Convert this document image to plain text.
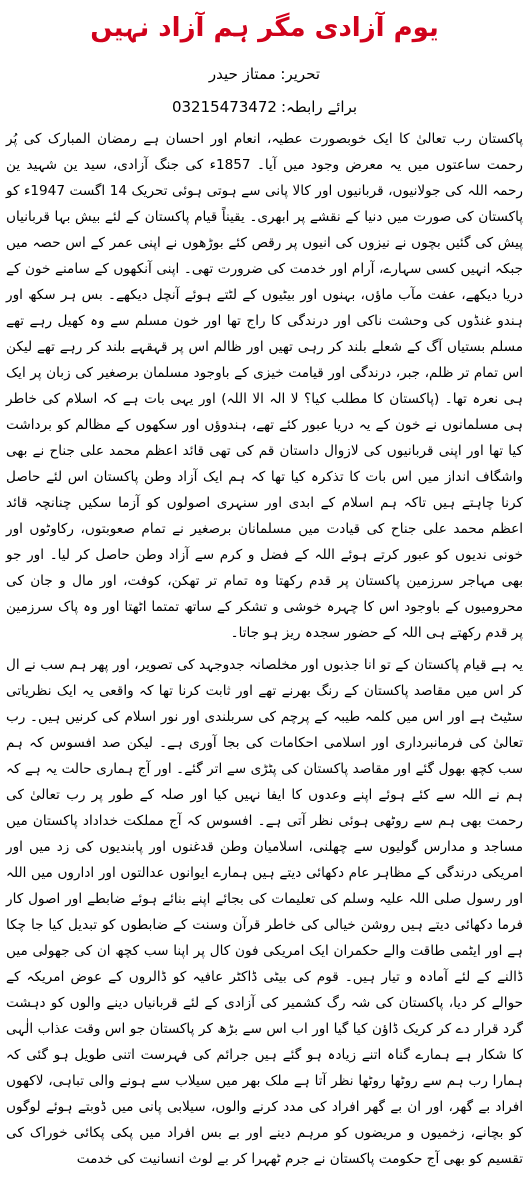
یوم آزادی مگر ہم آزاد نہیں
تحریر: ممتاز حیدر
03215473472 برائے رابطہ:

پاکستان رب تعالیٰ کا ایک خوبصورت عطیہ، انعام اور احسان ہے رمضان المبارک کی پُر رحمت ساعتوں میں یہ معرض وجود میں آیا۔ 1857ء کی جنگ آزادی، سید ین شہید ین رحمہ اللہ کی جولانیوں، قربانیوں اور کالا پانی سے ہوتی ہوئی تحریک 14 اگست 1947ء کو پاکستان کی صورت میں دنیا کے نقشے پر ابھری۔ یقیناً قیام پاکستان کے لئے بیش بہا قربانیاں پیش کی گئیں بچوں نے نیزوں کی انیوں پر رقص کئے بوڑھوں نے اپنی عمر کے اس حصہ میں جبکہ انہیں کسی سہارے، آرام اور خدمت کی ضرورت تھی۔ اپنی آنکھوں کے سامنے خون کے دریا دیکھے، عفت مآب ماؤں، بہنوں اور بیٹیوں کے لٹتے ہوئے آنچل دیکھے۔ بس ہر سکھ اور ہندو غنڈوں کی وحشت ناکی اور درندگی کا راج تھا اور خون مسلم سے وہ کھیل رہے تھے مسلم بستیاں آگ کے شعلے بلند کر رہی تھیں اور ظالم اس پر قہقہے بلند کر رہے تھے لیکن اس تمام تر ظلم، جبر، درندگی اور قیامت خیزی کے باوجود مسلمان برصغیر کی زبان پر ایک ہی نعرہ تھا۔ (پاکستان کا مطلب کیا؟ لا الہ الا اللہ) اور یہی بات ہے کہ اسلام کی خاطر ہی مسلمانوں نے خون کے یہ دریا عبور کئے تھے، ہندوؤں اور سکھوں کے مظالم کو برداشت کیا تھا اور اپنی قربانیوں کی لازوال داستان قم کی تھی قائد اعظم محمد علی جناح نے بھی واشگاف انداز میں اس بات کا تذکرہ کیا تھا کہ ہم ایک آزاد وطن پاکستان اس لئے حاصل کرنا چاہتے ہیں تاکہ ہم اسلام کے ابدی اور سنہری اصولوں کو آزما سکیں چنانچہ قائد اعظم محمد علی جناح کی قیادت میں مسلمانان برصغیر نے تمام صعوبتوں، رکاوٹوں اور خونی ندیوں کو عبور کرتے ہوئے اللہ کے فضل و کرم سے آزاد وطن حاصل کر لیا۔ اور جو بھی مہاجر سرزمین پاکستان پر قدم رکھتا وہ تمام تر تھکن، کوفت، اور مال و جان کی محرومیوں کے باوجود اس کا چہرہ خوشی و تشکر کے ساتھ تمتما اٹھتا اور وہ پاک سرزمین پر قدم رکھتے ہی اللہ کے حضور سجدہ ریز ہو جاتا۔

یہ ہے قیام پاکستان کے تو انا جذبوں اور مخلصانہ جدوجہد کی تصویر، اور پھر ہم سب نے ال کر اس میں مقاصد پاکستان کے رنگ بھرنے تھے اور ثابت کرنا تھا کہ واقعی یہ ایک نظریاتی سٹیٹ ہے اور اس میں کلمہ طیبہ کے پرچم کی سربلندی اور نور اسلام کی کرنیں ہیں۔ رب تعالیٰ کی فرمانبرداری اور اسلامی احکامات کی بجا آوری ہے۔ لیکن صد افسوس کہ ہم سب کچھ بھول گئے اور مقاصد پاکستان کی پٹڑی سے اتر گئے۔ اور آج ہماری حالت یہ ہے کہ ہم نے اللہ سے کئے ہوئے اپنے وعدوں کا ایفا نہیں کیا اور صلہ کے طور پر رب تعالیٰ کی رحمت بھی ہم سے روٹھی ہوئی نظر آتی ہے۔ افسوس کہ آج مملکت خداداد پاکستان میں مساجد و مدارس گولیوں سے چھلنی، اسلامیان وطن قدغنوں اور پابندیوں کی زد میں اور امریکی درندگی کے مظاہر عام دکھائی دیتے ہیں ہمارے ایوانوں عدالتوں اور اداروں میں اللہ اور رسول صلی اللہ علیہ وسلم کی تعلیمات کی بجائے اپنے بنائے ہوئے ضابطے اور اصول کار فرما دکھائی دیتے ہیں روشن خیالی کی خاطر قرآن وسنت کے ضابطوں کو تبدیل کیا جا چکا ہے اور ایٹمی طاقت والے حکمران ایک امریکی فون کال پر اپنا سب کچھ ان کی جھولی میں ڈالنے کے لئے آمادہ و تیار ہیں۔ قوم کی بیٹی ڈاکٹر عافیہ کو ڈالروں کے عوض امریکہ کے حوالے کر دیا، پاکستان کی شہ رگ کشمیر کی آزادی کے لئے قربانیاں دینے والوں کو دہشت گرد قرار دے کر کریک ڈاؤن کیا گیا اور اب اس سے بڑھ کر پاکستان جو اس وقت عذاب الٰہی کا شکار ہے ہمارے گناہ اتنے زیادہ ہو گئے ہیں جرائم کی فہرست اتنی طویل ہو گئی کہ ہمارا رب ہم سے روٹھا روٹھا نظر آتا ہے ملک بھر میں سیلاب سے ہونے والی تباہی، لاکھوں افراد بے گھر، اور ان بے گھر افراد کی مدد کرنے والوں، سیلابی پانی میں ڈوبتے ہوئے لوگوں کو بچانے، زخمیوں و مریضوں کو مرہم دینے اور بے بس افراد میں پکی پکائی خوراک کی تقسیم کو بھی آج حکومت پاکستان نے جرم ٹھہرا کر بے لوث انسانیت کی خدمت
